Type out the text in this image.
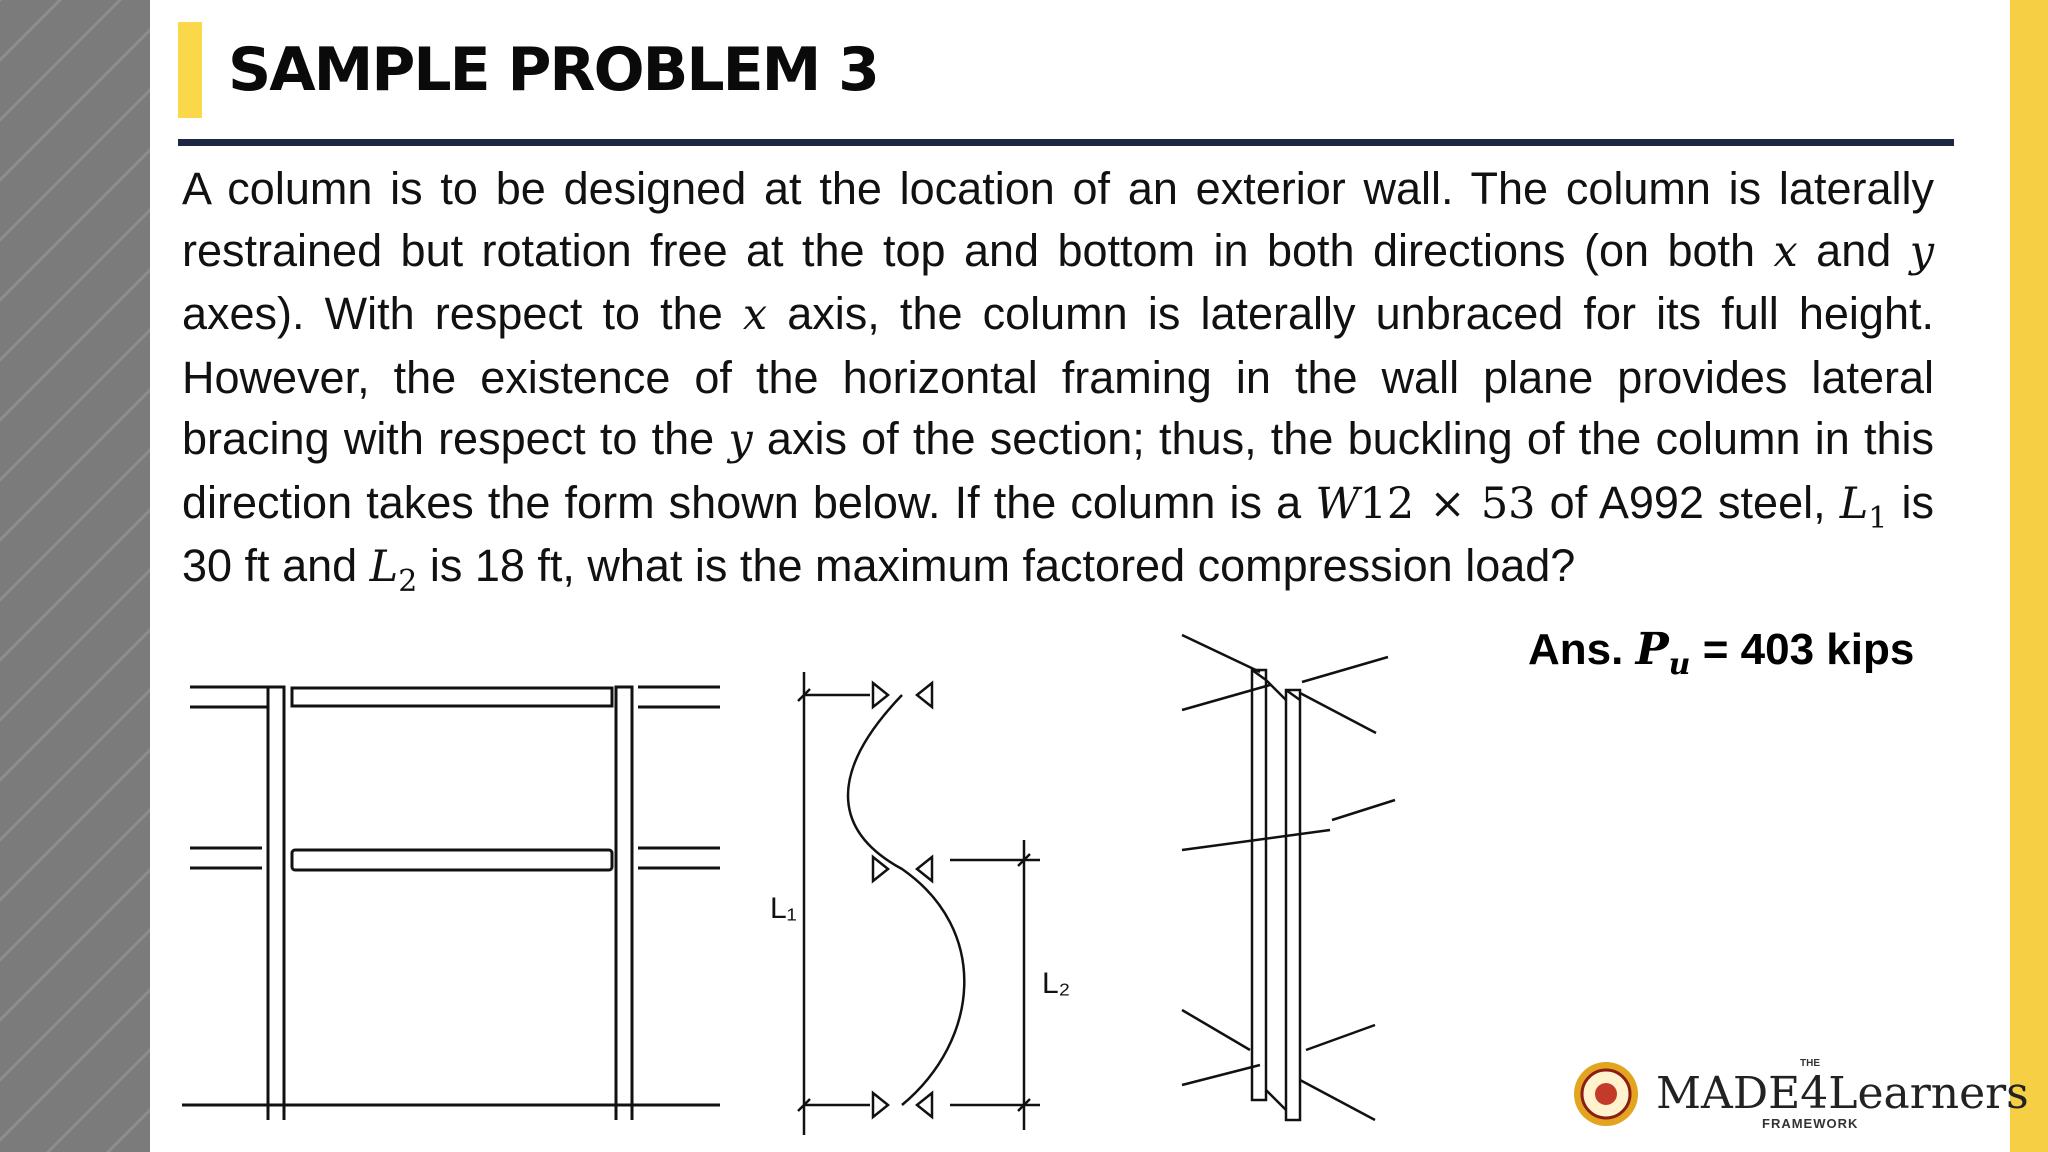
SAMPLE PROBLEM 3

A column is to be designed at the location of an exterior wall. The column is laterally restrained but rotation free at the top and bottom in both directions (on both x and y axes). With respect to the x axis, the column is laterally unbraced for its full height. However, the existence of the horizontal framing in the wall plane provides lateral bracing with respect to the y axis of the section; thus, the buckling of the column in this direction takes the form shown below. If the column is a W12 × 53 of A992 steel, $L_1$ is 30 ft and $L_2$ is 18 ft, what is the maximum factored compression load?

Ans. $P_u = 403$ kips
L₁
L₂
THE
MADE4Learners
FRAMEWORK
